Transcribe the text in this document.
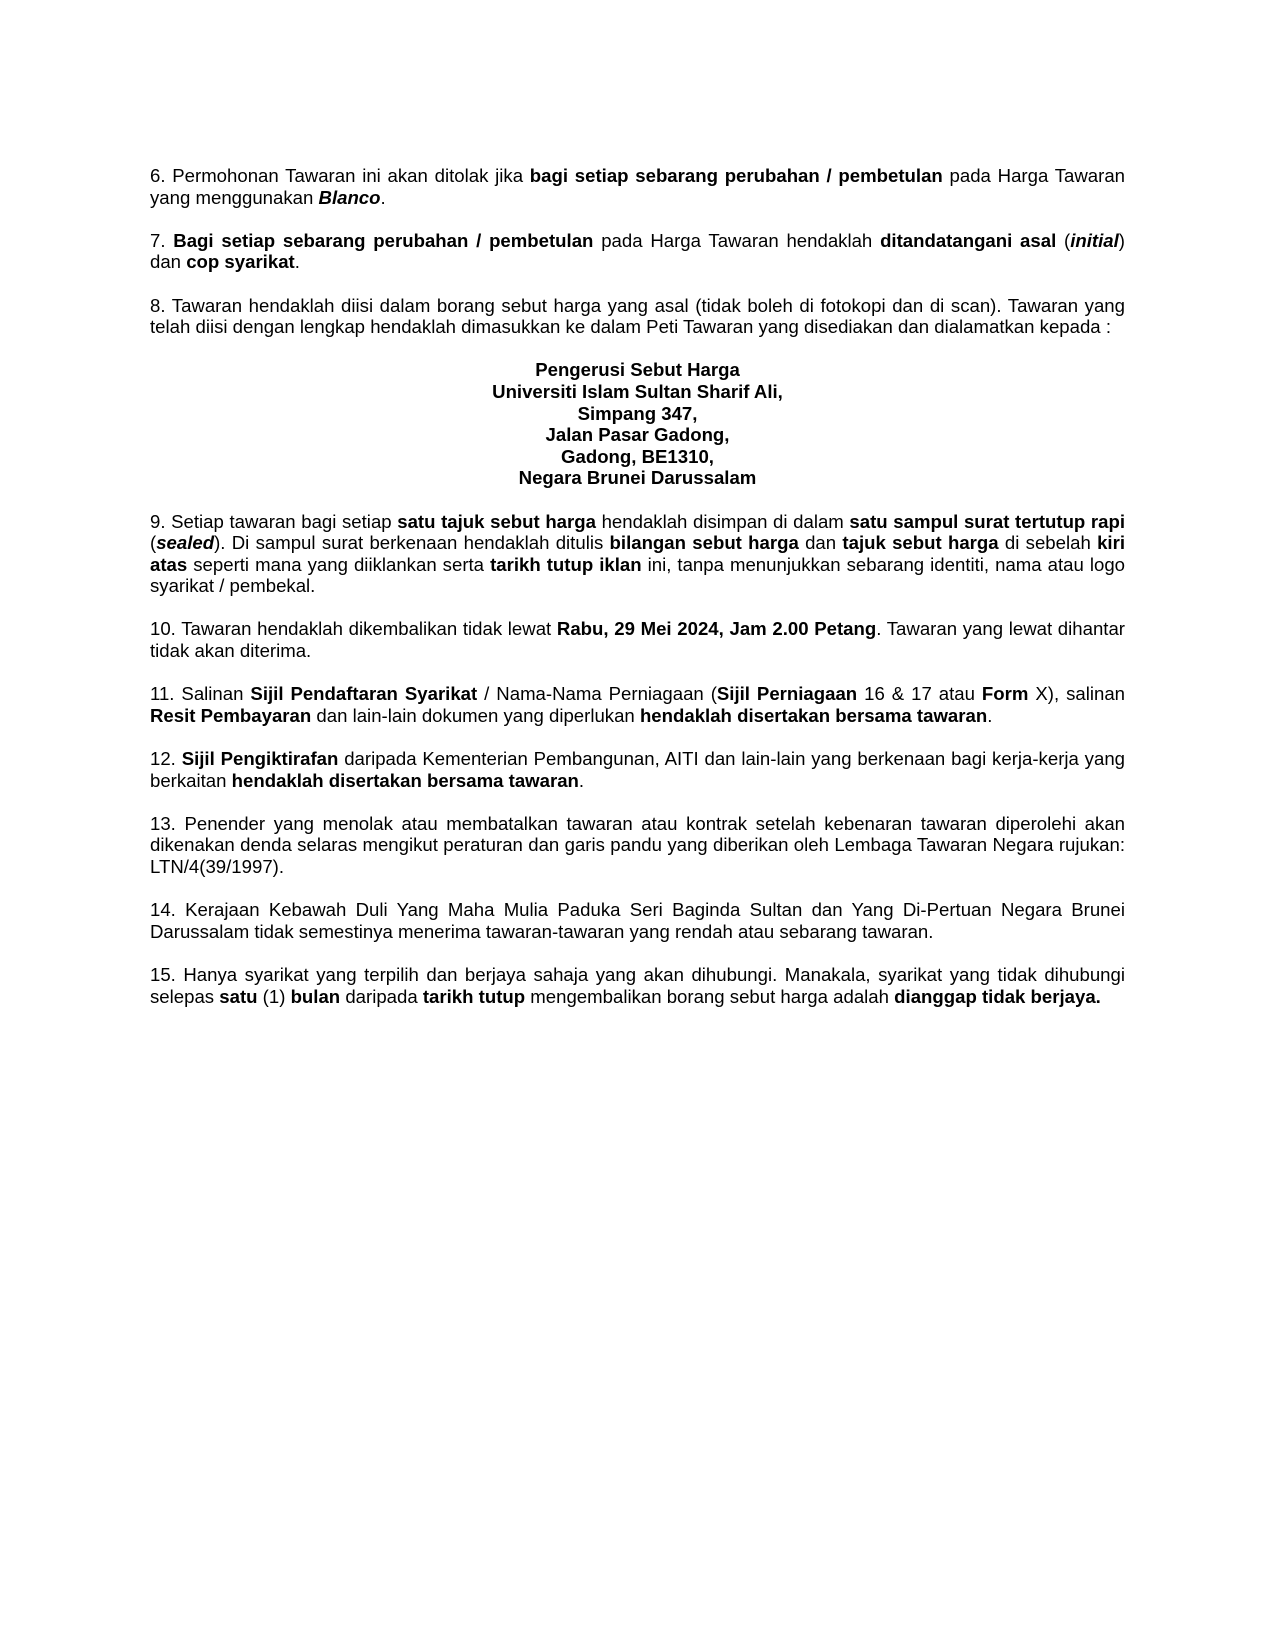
6. Permohonan Tawaran ini akan ditolak jika bagi setiap sebarang perubahan / pembetulan pada Harga Tawaran yang menggunakan Blanco.

7. Bagi setiap sebarang perubahan / pembetulan pada Harga Tawaran hendaklah ditandatangani asal (initial) dan cop syarikat.

8. Tawaran hendaklah diisi dalam borang sebut harga yang asal (tidak boleh di fotokopi dan di scan). Tawaran yang telah diisi dengan lengkap hendaklah dimasukkan ke dalam Peti Tawaran yang disediakan dan dialamatkan kepada :

Pengerusi Sebut Harga
Universiti Islam Sultan Sharif Ali,
Simpang 347,
Jalan Pasar Gadong,
Gadong, BE1310,
Negara Brunei Darussalam

9. Setiap tawaran bagi setiap satu tajuk sebut harga hendaklah disimpan di dalam satu sampul surat tertutup rapi (sealed). Di sampul surat berkenaan hendaklah ditulis bilangan sebut harga dan tajuk sebut harga di sebelah kiri atas seperti mana yang diiklankan serta tarikh tutup iklan ini, tanpa menunjukkan sebarang identiti, nama atau logo syarikat / pembekal.

10. Tawaran hendaklah dikembalikan tidak lewat Rabu, 29 Mei 2024, Jam 2.00 Petang. Tawaran yang lewat dihantar tidak akan diterima.

11. Salinan Sijil Pendaftaran Syarikat / Nama-Nama Perniagaan (Sijil Perniagaan 16 & 17 atau Form X), salinan Resit Pembayaran dan lain-lain dokumen yang diperlukan hendaklah disertakan bersama tawaran.

12. Sijil Pengiktirafan daripada Kementerian Pembangunan, AITI dan lain-lain yang berkenaan bagi kerja-kerja yang berkaitan hendaklah disertakan bersama tawaran.

13. Penender yang menolak atau membatalkan tawaran atau kontrak setelah kebenaran tawaran diperolehi akan dikenakan denda selaras mengikut peraturan dan garis pandu yang diberikan oleh Lembaga Tawaran Negara rujukan: LTN/4(39/1997).

14. Kerajaan Kebawah Duli Yang Maha Mulia Paduka Seri Baginda Sultan dan Yang Di-Pertuan Negara Brunei Darussalam tidak semestinya menerima tawaran-tawaran yang rendah atau sebarang tawaran.

15. Hanya syarikat yang terpilih dan berjaya sahaja yang akan dihubungi. Manakala, syarikat yang tidak dihubungi selepas satu (1) bulan daripada tarikh tutup mengembalikan borang sebut harga adalah dianggap tidak berjaya.
